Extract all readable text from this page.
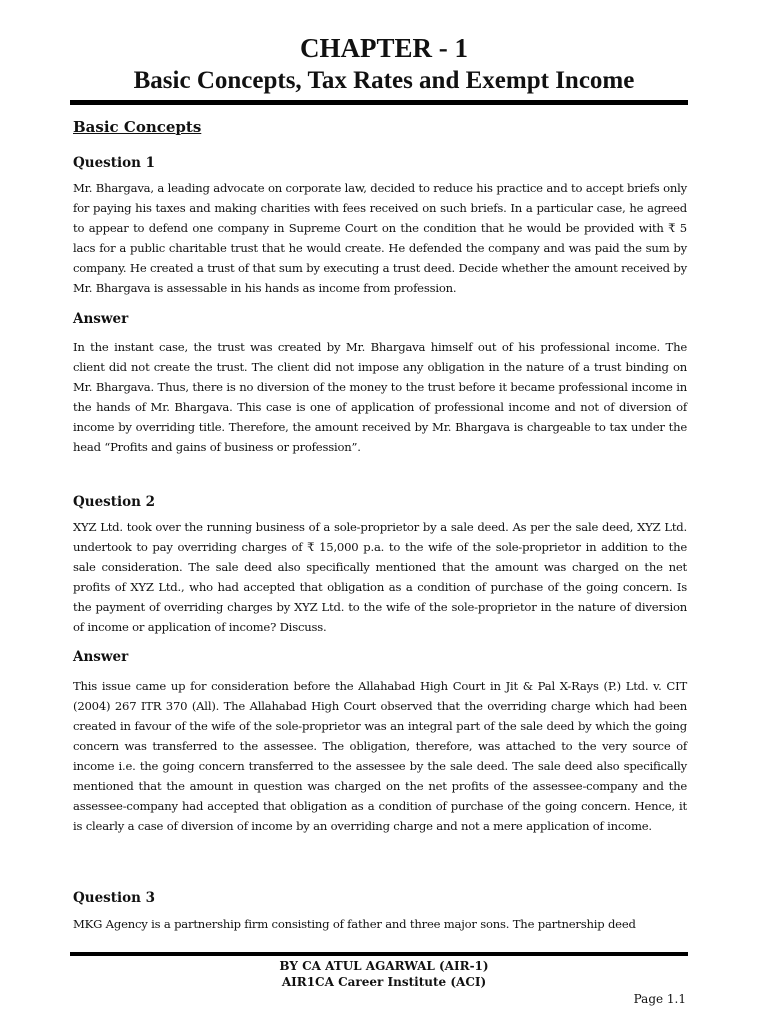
CHAPTER - 1
Basic Concepts, Tax Rates and Exempt Income
Basic Concepts
Question 1

Mr. Bhargava, a leading advocate on corporate law, decided to reduce his practice and to accept briefs only for paying his taxes and making charities with fees received on such briefs. In a particular case, he agreed to appear to defend one company in Supreme Court on the condition that he would be provided with ₹ 5 lacs for a public charitable trust that he would create. He defended the company and was paid the sum by company. He created a trust of that sum by executing a trust deed. Decide whether the amount received by Mr. Bhargava is assessable in his hands as income from profession.

Answer

In the instant case, the trust was created by Mr. Bhargava himself out of his professional income. The client did not create the trust. The client did not impose any obligation in the nature of a trust binding on Mr. Bhargava. Thus, there is no diversion of the money to the trust before it became professional income in the hands of Mr. Bhargava. This case is one of application of professional income and not of diversion of income by overriding title. Therefore, the amount received by Mr. Bhargava is chargeable to tax under the head “Profits and gains of business or profession”.

Question 2

XYZ Ltd. took over the running business of a sole-proprietor by a sale deed. As per the sale deed, XYZ Ltd. undertook to pay overriding charges of ₹ 15,000 p.a. to the wife of the sole-proprietor in addition to the sale consideration. The sale deed also specifically mentioned that the amount was charged on the net profits of XYZ Ltd., who had accepted that obligation as a condition of purchase of the going concern. Is the payment of overriding charges by XYZ Ltd. to the wife of the sole-proprietor in the nature of diversion of income or application of income? Discuss.

Answer

This issue came up for consideration before the Allahabad High Court in Jit & Pal X-Rays (P.) Ltd. v. CIT (2004) 267 ITR 370 (All). The Allahabad High Court observed that the overriding charge which had been created in favour of the wife of the sole-proprietor was an integral part of the sale deed by which the going concern was transferred to the assessee. The obligation, therefore, was attached to the very source of income i.e. the going concern transferred to the assessee by the sale deed. The sale deed also specifically mentioned that the amount in question was charged on the net profits of the assessee-company and the assessee-company had accepted that obligation as a condition of purchase of the going concern. Hence, it is clearly a case of diversion of income by an overriding charge and not a mere application of income.

Question 3

MKG Agency is a partnership firm consisting of father and three major sons. The partnership deed

BY CA ATUL AGARWAL (AIR-1)

AIR1CA Career Institute (ACI)

Page 1.1
